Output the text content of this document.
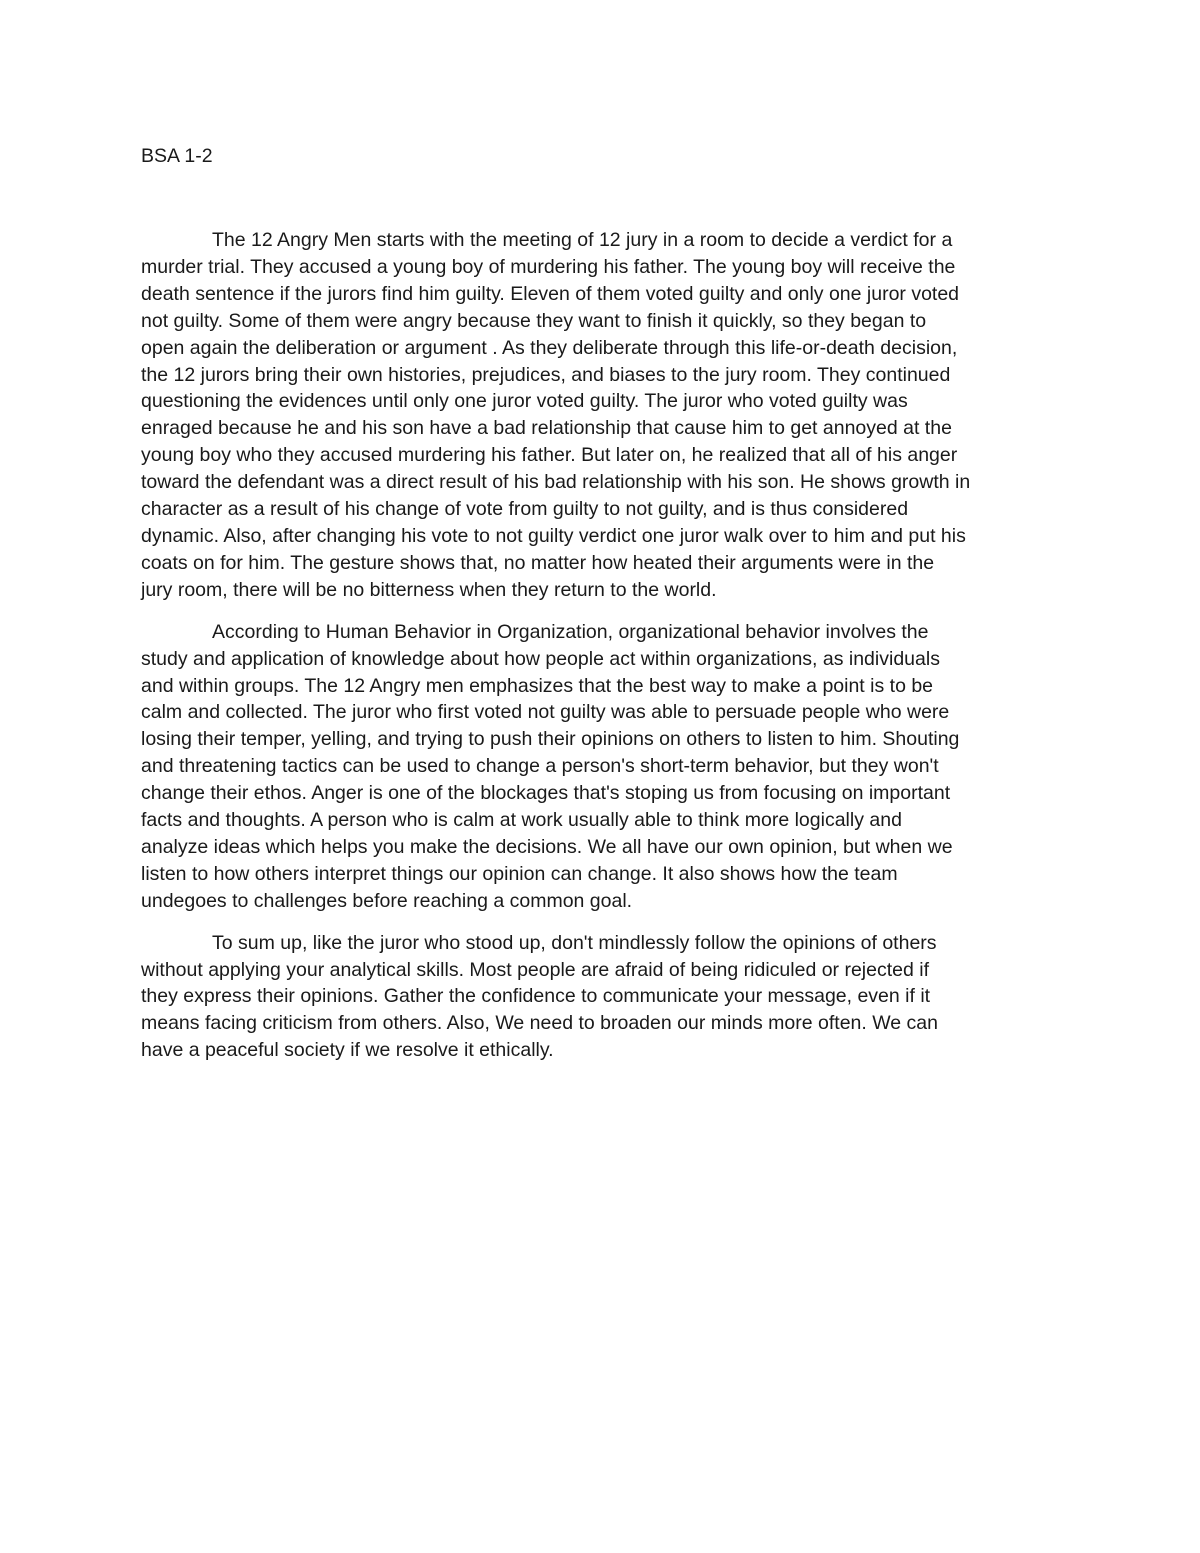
BSA 1-2

The 12 Angry Men starts with the meeting of 12 jury in a room to decide a verdict for a
murder trial. They accused a young boy of murdering his father. The young boy will receive the
death sentence if the jurors find him guilty. Eleven of them voted guilty and only one juror voted
not guilty. Some of them were angry because they want to finish it quickly, so they began to
open again the deliberation or argument . As they deliberate through this life-or-death decision,
the 12 jurors bring their own histories, prejudices, and biases to the jury room. They continued
questioning the evidences until only one juror voted guilty. The juror who voted guilty was
enraged because he and his son have a bad relationship that cause him to get annoyed at the
young boy who they accused murdering his father. But later on, he realized that all of his anger
toward the defendant was a direct result of his bad relationship with his son. He shows growth in
character as a result of his change of vote from guilty to not guilty, and is thus considered
dynamic. Also, after changing his vote to not guilty verdict one juror walk over to him and put his
coats on for him. The gesture shows that, no matter how heated their arguments were in the
jury room, there will be no bitterness when they return to the world.

According to Human Behavior in Organization, organizational behavior involves the
study and application of knowledge about how people act within organizations, as individuals
and within groups. The 12 Angry men emphasizes that the best way to make a point is to be
calm and collected. The juror who first voted not guilty was able to persuade people who were
losing their temper, yelling, and trying to push their opinions on others to listen to him. Shouting
and threatening tactics can be used to change a person's short-term behavior, but they won't
change their ethos. Anger is one of the blockages that's stoping us from focusing on important
facts and thoughts. A person who is calm at work usually able to think more logically and
analyze ideas which helps you make the decisions. We all have our own opinion, but when we
listen to how others interpret things our opinion can change. It also shows how the team
undegoes to challenges before reaching a common goal.

To sum up, like the juror who stood up, don't mindlessly follow the opinions of others
without applying your analytical skills. Most people are afraid of being ridiculed or rejected if
they express their opinions. Gather the confidence to communicate your message, even if it
means facing criticism from others. Also, We need to broaden our minds more often. We can
have a peaceful society if we resolve it ethically.
